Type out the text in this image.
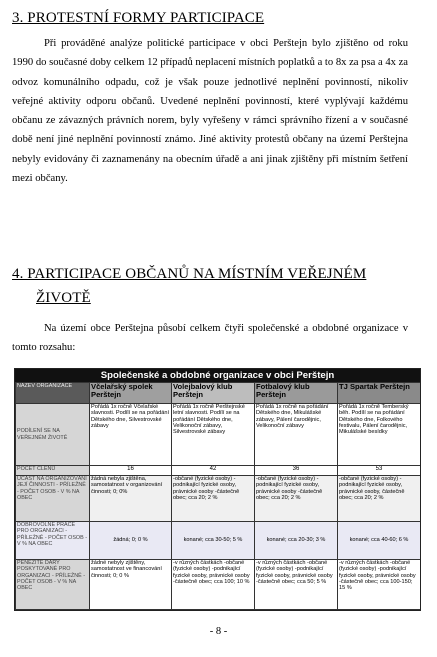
3. PROTESTNÍ FORMY PARTICIPACE
Při prováděné analýze politické participace v obci Perštejn bylo zjištěno od roku 1990 do současné doby celkem 12 případů neplacení místních poplatků a to 8x za psa a 4x za odvoz komunálního odpadu, což je však pouze jednotlivé neplnění povinností, nikoliv veřejné aktivity odporu občanů. Uvedené neplnění povinností, které vyplývají každému občanu ze závazných právních norem, byly vyřešeny v rámci správního řízení a v současné době není jiné neplnění povinností známo. Jiné aktivity protestů občany na území Perštejna nebyly evidovány či zaznamenány na obecním úřadě a ani jinak zjištěny při místním šetření mezi občany.
4. PARTICIPACE OBČANŮ NA MÍSTNÍM VEŘEJNÉM
ŽIVOTĚ
Na území obce Perštejna působí celkem čtyři společenské a obdobné organizace v tomto rozsahu:
Společenské a obdobné organizace v obci Perštejn
NÁZEV ORGANIZACE	Včelařský spolek Perštejn	Volejbalový klub Perštejn	Fotbalový klub Perštejn	TJ Spartak Perštejn
PODÍLENÍ SE NA VEŘEJNÉM ŽIVOTĚ	Pořádá 1x ročně Včelařské slavnosti. Podílí se na pořádání Dětského dne, Silvestrovské zábavy	Pořádá 1x ročně Perštejnské letní slavnosti. Podílí se na pořádání Dětského dne, Velikonoční zábavy, Silvestrovské zábavy	Pořádá 1x ročně na pořádání Dětského dne, Mikulášské zábavy, Pálení čarodějnic, Velikonoční zábavy	Pořádá 1x ročně Temberský běh. Podílí se na pořádání Dětského dne, Folkového festivalu, Pálení čarodějnic, Mikulášské besídky
POČET ČLENŮ	16	42	36	53
ÚČAST NA ORGANIZOVÁNÍ JEJÍ ČINNOSTI - PŘÍLEŽNĚ - POČET OSOB - V % NA OBEC	žádná nebyla zjištěna, samostatnost v organizování činnosti; 0; 0%	-občané (fyzické osoby) -podnikající fyzické osoby, právnické osoby -částečně obec; cca 20; 2 %	-občané (fyzické osoby) -podnikající fyzické osoby, právnické osoby -částečně obec; cca 20; 2 %	-občané (fyzické osoby) -podnikající fyzické osoby, právnické osoby, částečně obec; cca 20; 2 %
DOBROVOLNÉ PRÁCE PRO ORGANIZACI - PŘÍLEŽNĚ - POČET OSOB - V % NA OBEC	žádná; 0; 0 %	konané; cca 30-50; 5 %	konané; cca 20-30; 3 %	konané; cca 40-60; 6 %
PENĚŽITÉ DARY POSKYTOVANÉ PRO ORGANIZACI - PŘÍLEŽNĚ - POČET OSOB - V % NA OBEC	žádné nebyly zjištěny, samostatnost ve financování činnosti; 0; 0 %	-v různých částkách -občané (fyzické osoby) -podnikající fyzické osoby, právnické osoby -částečně obec; cca 100; 10 %	-v různých částkách -občané (fyzické osoby) -podnikající fyzické osoby, právnické osoby -částečně obec; cca 50; 5 %	-v různých částkách -občané (fyzické osoby) -podnikající fyzické osoby, právnické osoby -částečně obec; cca 100-150; 15 %
- 8 -
